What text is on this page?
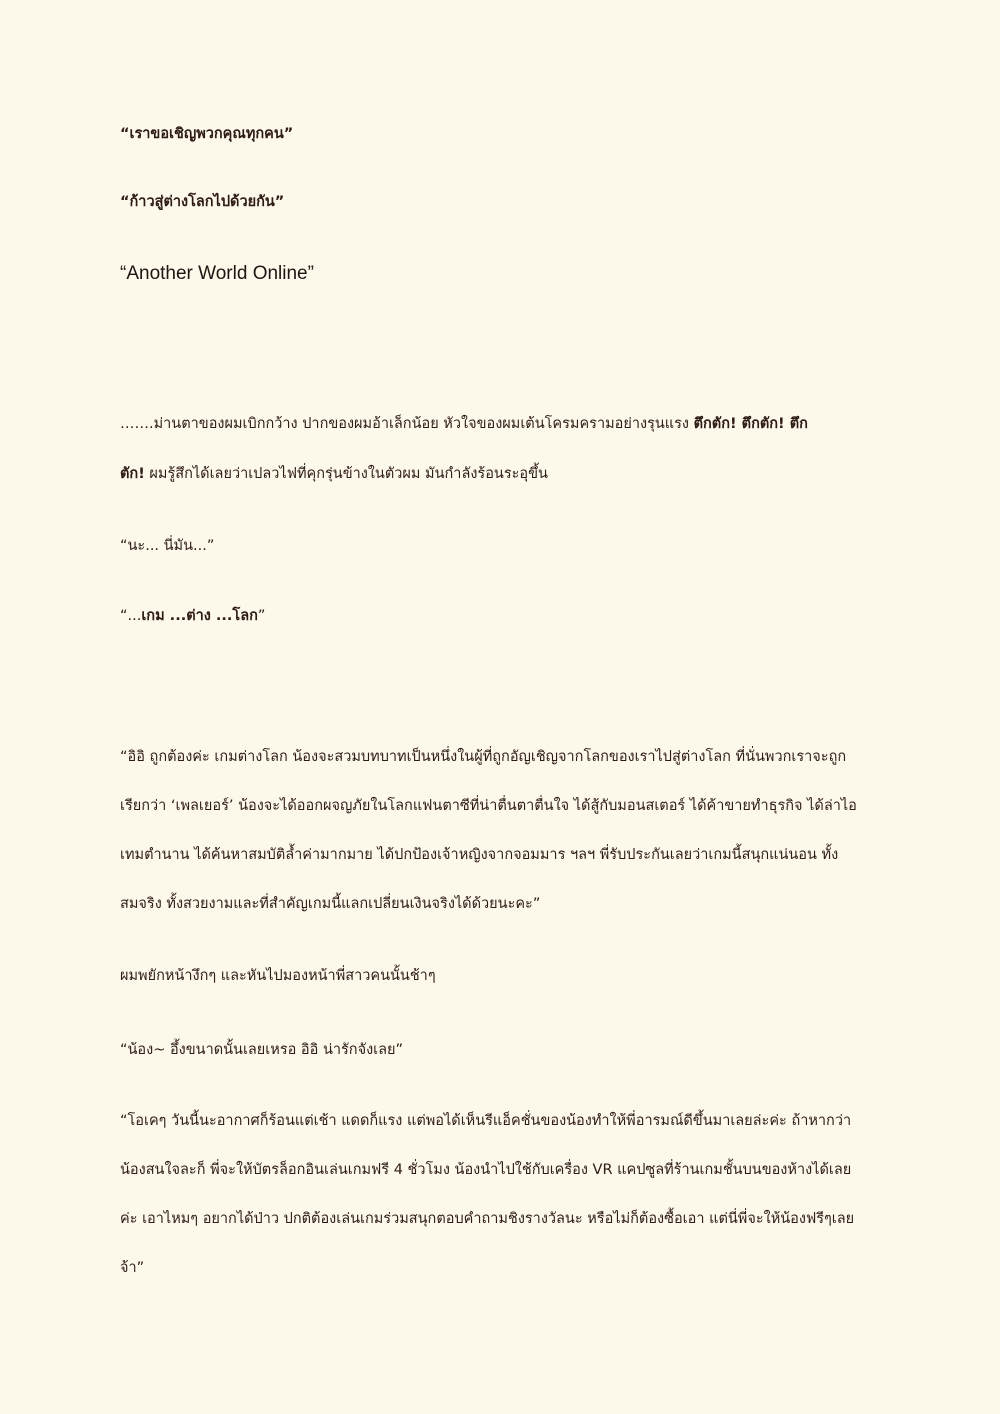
“เราขอเชิญพวกคุณทุกคน”

“ก้าวสู่ต่างโลกไปด้วยกัน”

“Another World Online”

…….ม่านตาของผมเบิกกว้าง ปากของผมอ้าเล็กน้อย หัวใจของผมเต้นโครมครามอย่างรุนแรง ตึกตัก! ตึกตัก! ตึก
ตัก! ผมรู้สึกได้เลยว่าเปลวไฟที่คุกรุ่นข้างในตัวผม มันกำลังร้อนระอุขึ้น

“นะ... นี่มัน...”

“...เกม ...ต่าง ...โลก”

“อิอิ ถูกต้องค่ะ เกมต่างโลก น้องจะสวมบทบาทเป็นหนึ่งในผู้ที่ถูกอัญเชิญจากโลกของเราไปสู่ต่างโลก ที่นั่นพวกเราจะถูก
เรียกว่า ‘เพลเยอร์’ น้องจะได้ออกผจญภัยในโลกแฟนตาซีที่น่าตื่นตาตื่นใจ ได้สู้กับมอนสเตอร์ ได้ค้าขายทำธุรกิจ ได้ล่าไอ
เทมตำนาน ได้ค้นหาสมบัติล้ำค่ามากมาย ได้ปกป้องเจ้าหญิงจากจอมมาร ฯลฯ พี่รับประกันเลยว่าเกมนี้สนุกแน่นอน ทั้ง
สมจริง ทั้งสวยงามและที่สำคัญเกมนี้แลกเปลี่ยนเงินจริงได้ด้วยนะคะ”

ผมพยักหน้างึกๆ และหันไปมองหน้าพี่สาวคนนั้นช้าๆ

“น้อง~ อึ้งขนาดนั้นเลยเหรอ อิอิ น่ารักจังเลย”

“โอเคๆ วันนี้นะอากาศก็ร้อนแต่เช้า แดดก็แรง แต่พอได้เห็นรีแอ็คชั่นของน้องทำให้พี่อารมณ์ดีขึ้นมาเลยล่ะค่ะ ถ้าหากว่า
น้องสนใจละก็ พี่จะให้บัตรล็อกอินเล่นเกมฟรี 4 ชั่วโมง น้องนำไปใช้กับเครื่อง VR แคปซูลที่ร้านเกมชั้นบนของห้างได้เลย
ค่ะ เอาไหมๆ อยากได้ป่าว ปกติต้องเล่นเกมร่วมสนุกตอบคำถามชิงรางวัลนะ หรือไม่ก็ต้องซื้อเอา แต่นี่พี่จะให้น้องฟรีๆเลย
จ้า”
